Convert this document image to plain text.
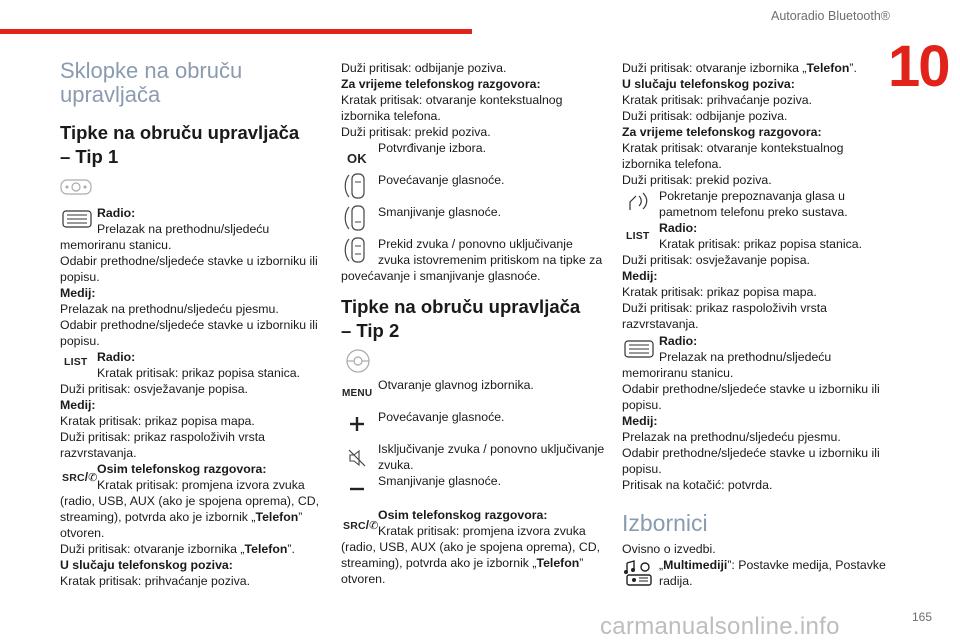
Autoradio Bluetooth®
10
165
carmanualsonline.info
Sklopke na obruču
upravljača
Tipke na obruču upravljača
– Tip 1
Radio:
Prelazak na prethodnu/sljedeću
memoriranu stanicu.
Odabir prethodne/sljedeće stavke u izborniku ili
popisu.
Medij:
Prelazak na prethodnu/sljedeću pjesmu.
Odabir prethodne/sljedeće stavke u izborniku ili
popisu.
LIST Radio:
Kratak pritisak: prikaz popisa stanica.
Duži pritisak: osvježavanje popisa.
Medij:
Kratak pritisak: prikaz popisa mapa.
Duži pritisak: prikaz raspoloživih vrsta
razvrstavanja.
SRC/✆
Osim telefonskog razgovora:
Kratak pritisak: promjena izvora zvuka
(radio, USB, AUX (ako je spojena oprema), CD,
streaming), potvrda ako je izbornik „Telefon”
otvoren.
Duži pritisak: otvaranje izbornika „Telefon”.
U slučaju telefonskog poziva:
Kratak pritisak: prihvaćanje poziva.
Duži pritisak: odbijanje poziva.
Za vrijeme telefonskog razgovora:
Kratak pritisak: otvaranje kontekstualnog
izbornika telefona.
Duži pritisak: prekid poziva.
OK
Potvrđivanje izbora.
Povećavanje glasnoće.
Smanjivanje glasnoće.
Prekid zvuka / ponovno uključivanje
zvuka istovremenim pritiskom na tipke za
povećavanje i smanjivanje glasnoće.
Tipke na obruču upravljača
– Tip 2
MENU
Otvaranje glavnog izbornika.
Povećavanje glasnoće.
Isključivanje zvuka / ponovno uključivanje
zvuka.
Smanjivanje glasnoće.
SRC/✆
Osim telefonskog razgovora:
Kratak pritisak: promjena izvora zvuka
(radio, USB, AUX (ako je spojena oprema), CD,
streaming), potvrda ako je izbornik „Telefon”
otvoren.
Duži pritisak: otvaranje izbornika „Telefon”.
U slučaju telefonskog poziva:
Kratak pritisak: prihvaćanje poziva.
Duži pritisak: odbijanje poziva.
Za vrijeme telefonskog razgovora:
Kratak pritisak: otvaranje kontekstualnog
izbornika telefona.
Duži pritisak: prekid poziva.
Pokretanje prepoznavanja glasa u
pametnom telefonu preko sustava.
LIST
Radio:
Kratak pritisak: prikaz popisa stanica.
Duži pritisak: osvježavanje popisa.
Medij:
Kratak pritisak: prikaz popisa mapa.
Duži pritisak: prikaz raspoloživih vrsta
razvrstavanja.
Radio:
Prelazak na prethodnu/sljedeću
memoriranu stanicu.
Odabir prethodne/sljedeće stavke u izborniku ili
popisu.
Medij:
Prelazak na prethodnu/sljedeću pjesmu.
Odabir prethodne/sljedeće stavke u izborniku ili
popisu.
Pritisak na kotačić: potvrda.
Izbornici
Ovisno o izvedbi.
„Multimediji”: Postavke medija, Postavke
radija.
